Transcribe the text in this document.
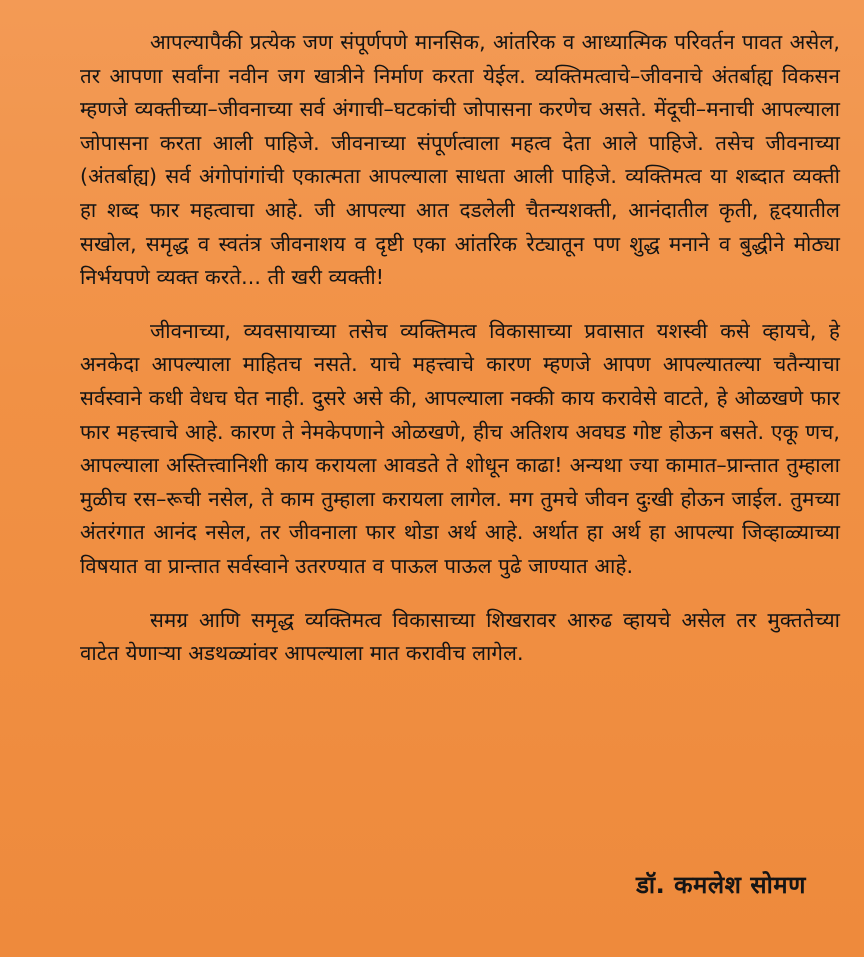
आपल्यापैकी प्रत्येक जण संपूर्णपणे मानसिक, आंतरिक व आध्यात्मिक परिवर्तन पावत असेल, तर आपणा सर्वांना नवीन जग खात्रीने निर्माण करता येईल. व्यक्तिमत्वाचे–जीवनाचे अंतर्बाह्य विकसन म्हणजे व्यक्तीच्या–जीवनाच्या सर्व अंगाची–घटकांची जोपासना करणेच असते. मेंदूची–मनाची आपल्याला जोपासना करता आली पाहिजे. जीवनाच्या संपूर्णत्वाला महत्व देता आले पाहिजे. तसेच जीवनाच्या (अंतर्बाह्य) सर्व अंगोपांगांची एकात्मता आपल्याला साधता आली पाहिजे. व्यक्तिमत्व या शब्दात व्यक्ती हा शब्द फार महत्वाचा आहे. जी आपल्या आत दडलेली चैतन्यशक्ती, आनंदातील कृती, हृदयातील सखोल, समृद्ध व स्वतंत्र जीवनाशय व दृष्टी एका आंतरिक रेट्यातून पण शुद्ध मनाने व बुद्धीने मोठ्या निर्भयपणे व्यक्त करते... ती खरी व्यक्ती!

जीवनाच्या, व्यवसायाच्या तसेच व्यक्तिमत्व विकासाच्या प्रवासात यशस्वी कसे व्हायचे, हे अनकेदा आपल्याला माहितच नसते. याचे महत्त्वाचे कारण म्हणजे आपण आपल्यातल्या चतैन्याचा सर्वस्वाने कधी वेधच घेत नाही. दुसरे असे की, आपल्याला नक्की काय करावेसे वाटते, हे ओळखणे फार फार महत्त्वाचे आहे. कारण ते नेमकेपणाने ओळखणे, हीच अतिशय अवघड गोष्ट होऊन बसते. एकू णच, आपल्याला अस्तित्त्वानिशी काय करायला आवडते ते शोधून काढा! अन्यथा ज्या कामात–प्रान्तात तुम्हाला मुळीच रस–रूची नसेल, ते काम तुम्हाला करायला लागेल. मग तुमचे जीवन दुःखी होऊन जाईल. तुमच्या अंतरंगात आनंद नसेल, तर जीवनाला फार थोडा अर्थ आहे. अर्थात हा अर्थ हा आपल्या जिव्हाळ्याच्या विषयात वा प्रान्तात सर्वस्वाने उतरण्यात व पाऊल पाऊल पुढे जाण्यात आहे.

समग्र आणि समृद्ध व्यक्तिमत्व विकासाच्या शिखरावर आरुढ व्हायचे असेल तर मुक्ततेच्या वाटेत येणाऱ्या अडथळ्यांवर आपल्याला मात करावीच लागेल.

डॉ. कमलेश सोमण
